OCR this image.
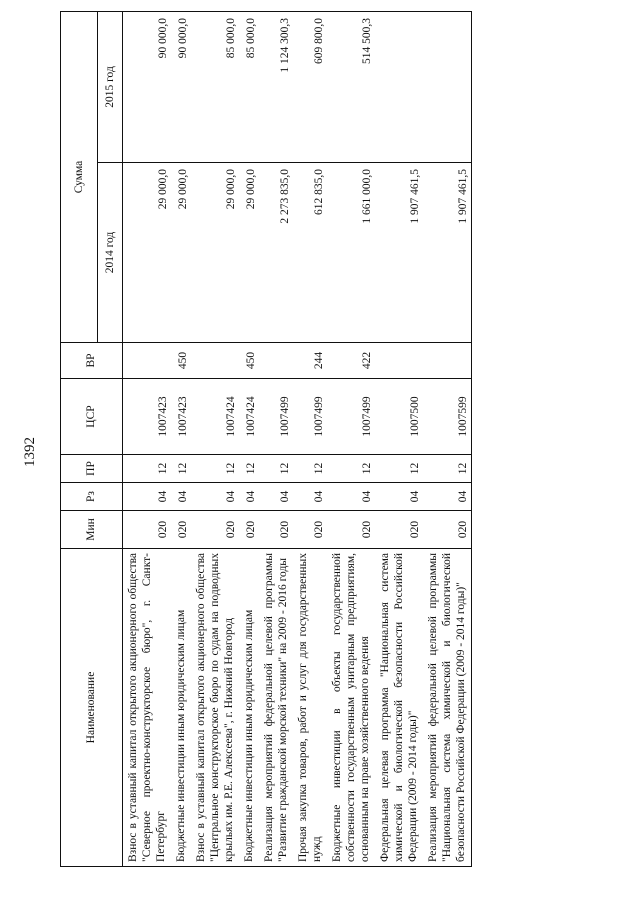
1392
Наименование	Мин	Рз	ПР	ЦСР	ВР	Сумма	
						2014 год	2015 год
Взнос в уставный капитал открытого акционерного общества "Северное проектно-конструкторское бюро", г. Санкт-Петербург	020	04	12	1007423		29 000,0	90 000,0
Бюджетные инвестиции иным юридическим лицам	020	04	12	1007423	450	29 000,0	90 000,0
Взнос в уставный капитал открытого акционерного общества "Центральное конструкторское бюро по судам на подводных крыльях им. Р.Е. Алексеева", г. Нижний Новгород	020	04	12	1007424		29 000,0	85 000,0
Бюджетные инвестиции иным юридическим лицам	020	04	12	1007424	450	29 000,0	85 000,0
Реализация мероприятий федеральной целевой программы "Развитие гражданской морской техники" на 2009 - 2016 годы	020	04	12	1007499		2 273 835,0	1 124 300,3
Прочая закупка товаров, работ и услуг для государственных нужд	020	04	12	1007499	244	612 835,0	609 800,0
Бюджетные инвестиции в объекты государственной собственности государственным унитарным предприятиям, основанным на праве хозяйственного ведения	020	04	12	1007499	422	1 661 000,0	514 500,3
Федеральная целевая программа "Национальная система химической и биологической безопасности Российской Федерации (2009 - 2014 годы)"	020	04	12	1007500		1 907 461,5	
Реализация мероприятий федеральной целевой программы "Национальная система химической и биологической безопасности Российской Федерации (2009 - 2014 годы)"	020	04	12	1007599		1 907 461,5	
